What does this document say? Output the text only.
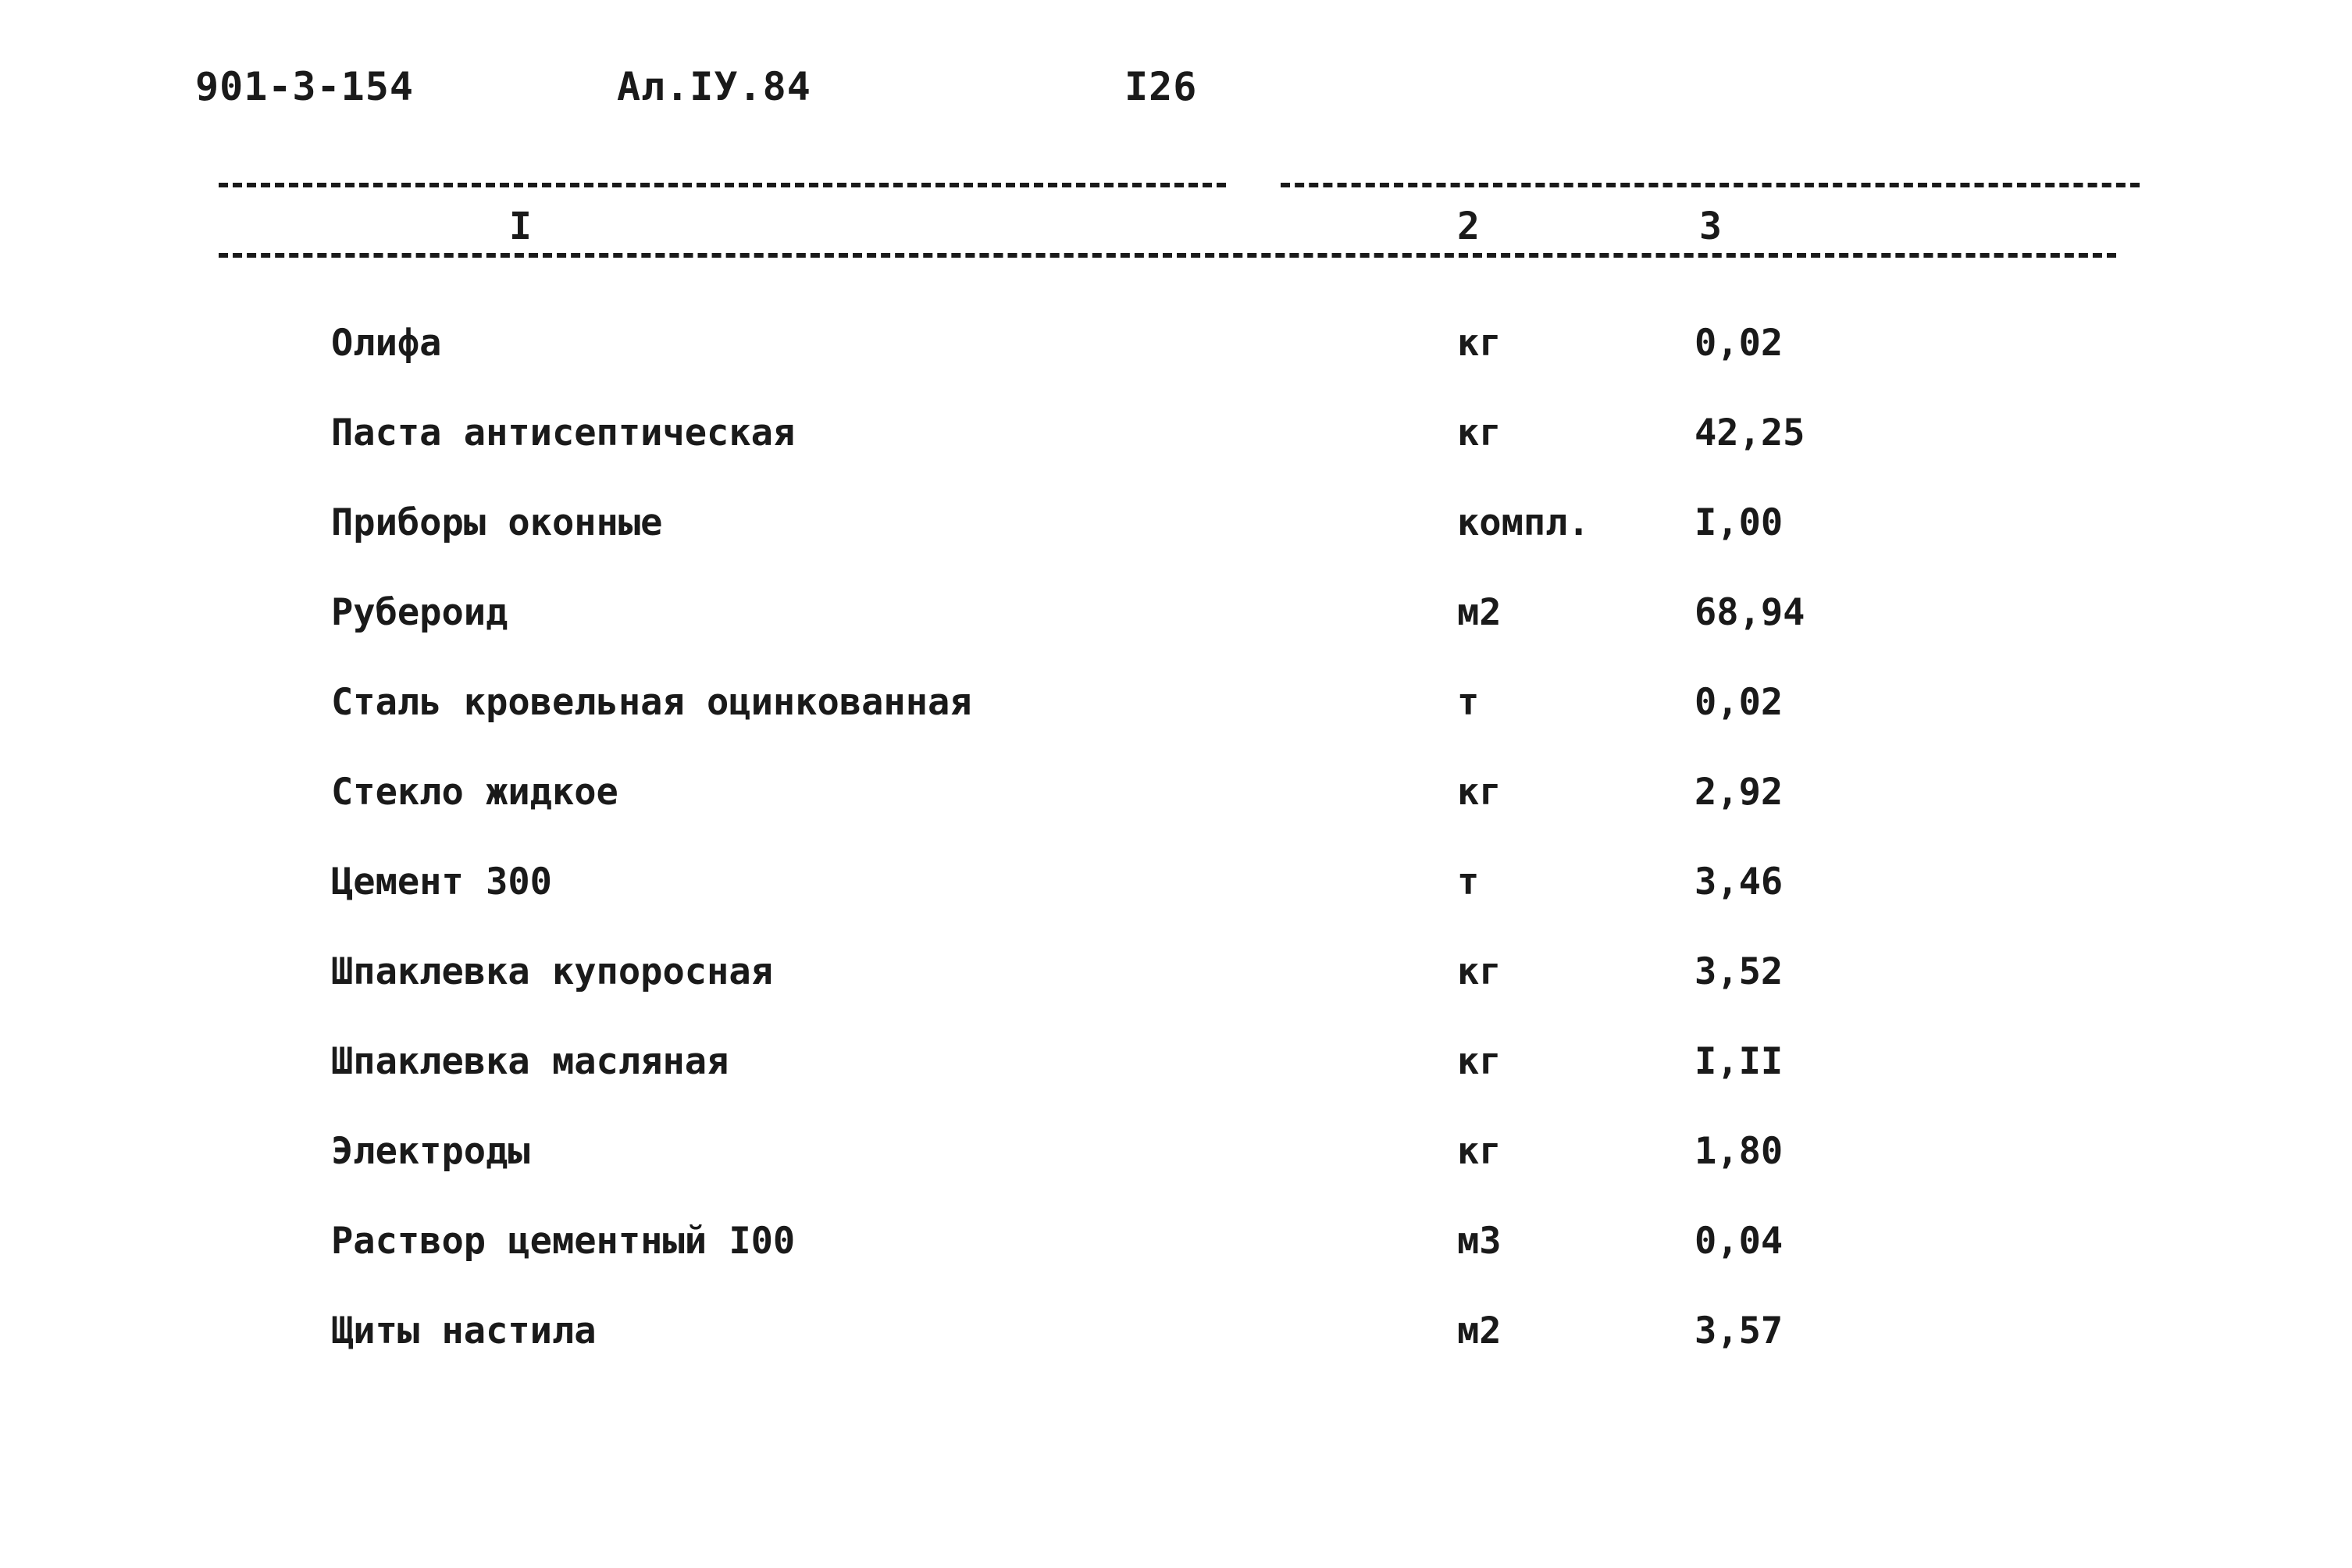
901-3-154	Ал.IУ.84	I26
I	2	3
Олифа	кг	0,02
Паста антисептическая	кг	42,25
Приборы оконные	компл.	I,00
Рубероид	м2	68,94
Сталь кровельная оцинкованная	т	0,02
Стекло жидкое	кг	2,92
Цемент 300	т	3,46
Шпаклевка купоросная	кг	3,52
Шпаклевка масляная	кг	I,II
Электроды	кг	1,80
Раствор цементный I00	м3	0,04
Щиты настила	м2	3,57
